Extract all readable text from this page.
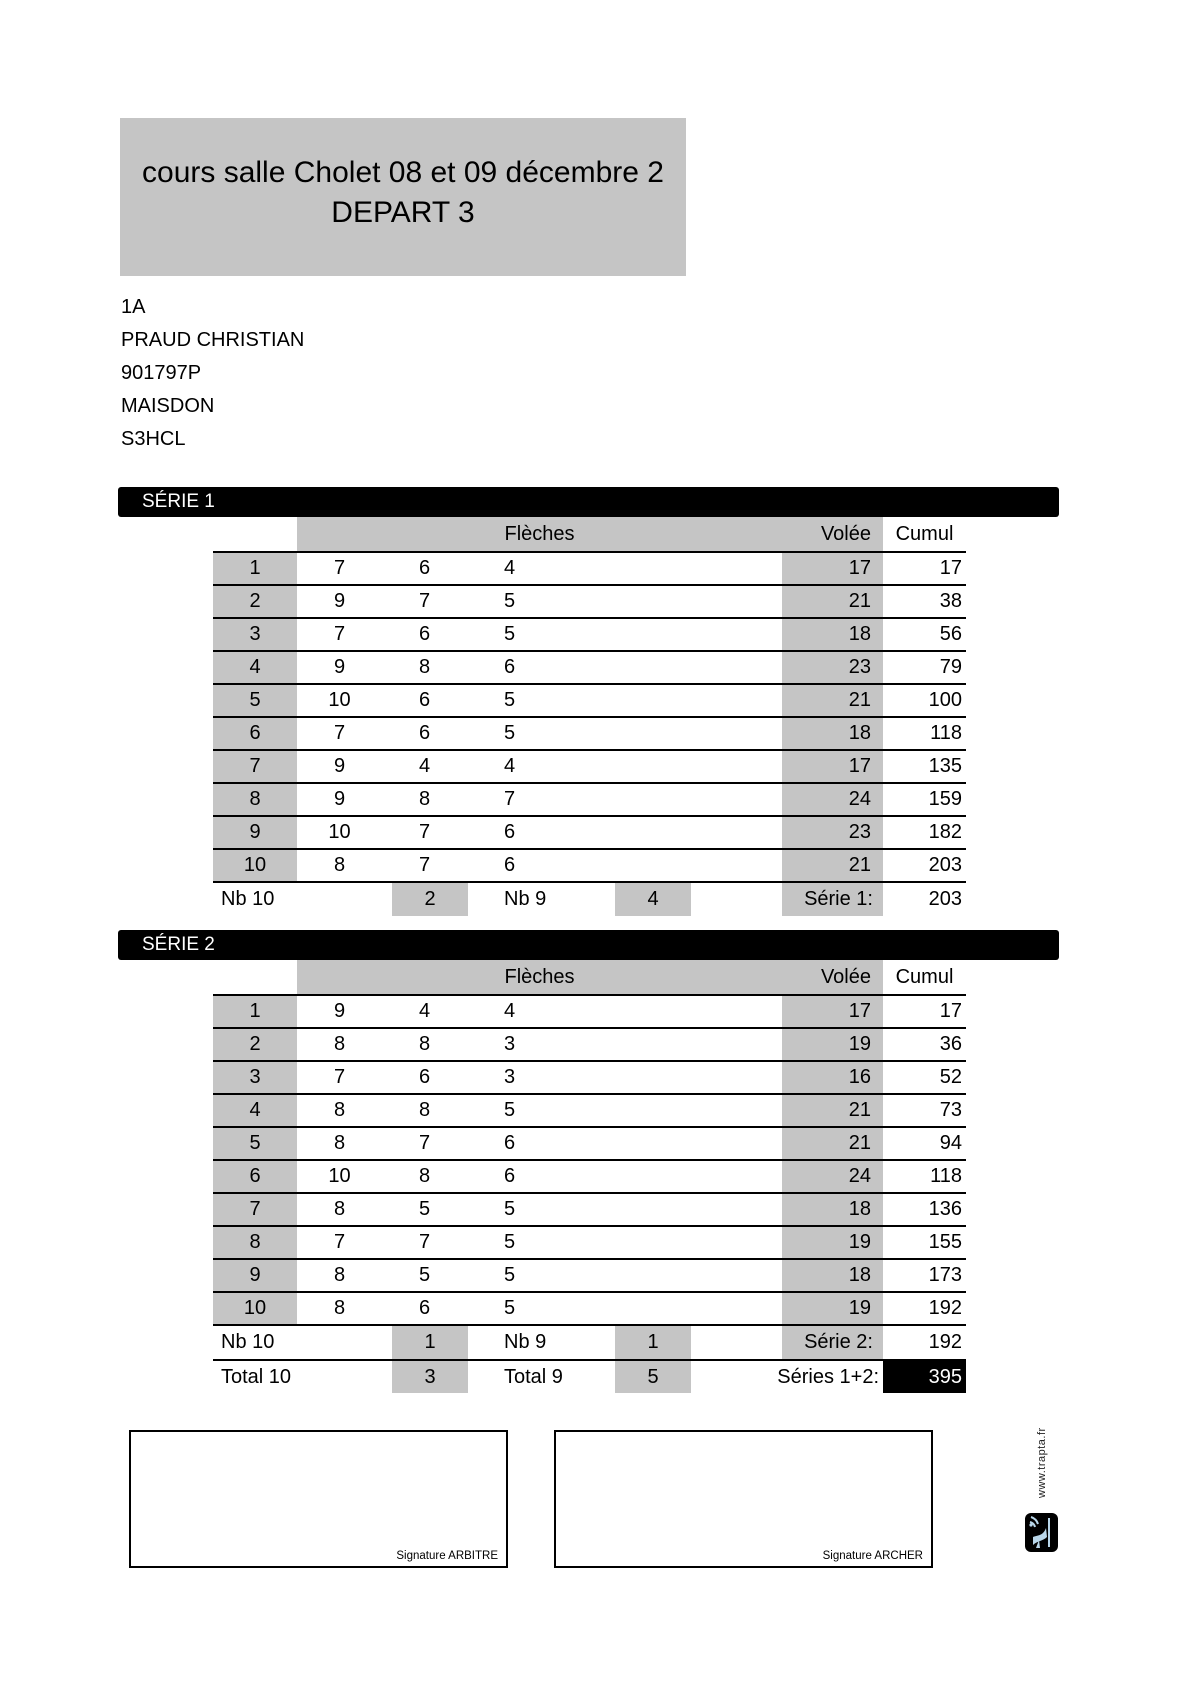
cours salle Cholet 08 et 09 décembre 2
DEPART 3
1A
PRAUD CHRISTIAN
901797P
MAISDON
S3HCL
SÉRIE 1
Flèches	Volée	Cumul
1	7	6	4	17	17
2	9	7	5	21	38
3	7	6	5	18	56
4	9	8	6	23	79
5	10	6	5	21	100
6	7	6	5	18	118
7	9	4	4	17	135
8	9	8	7	24	159
9	10	7	6	23	182
10	8	7	6	21	203
Nb 10	2	Nb 9	4	Série 1:	203
SÉRIE 2
Flèches	Volée	Cumul
1	9	4	4	17	17
2	8	8	3	19	36
3	7	6	3	16	52
4	8	8	5	21	73
5	8	7	6	21	94
6	10	8	6	24	118
7	8	5	5	18	136
8	7	7	5	19	155
9	8	5	5	18	173
10	8	6	5	19	192
Nb 10	1	Nb 9	1	Série 2:	192
Total 10	3	Total 9	5	Séries 1+2:	395
Signature ARBITRE	Signature ARCHER
www.trapta.fr
